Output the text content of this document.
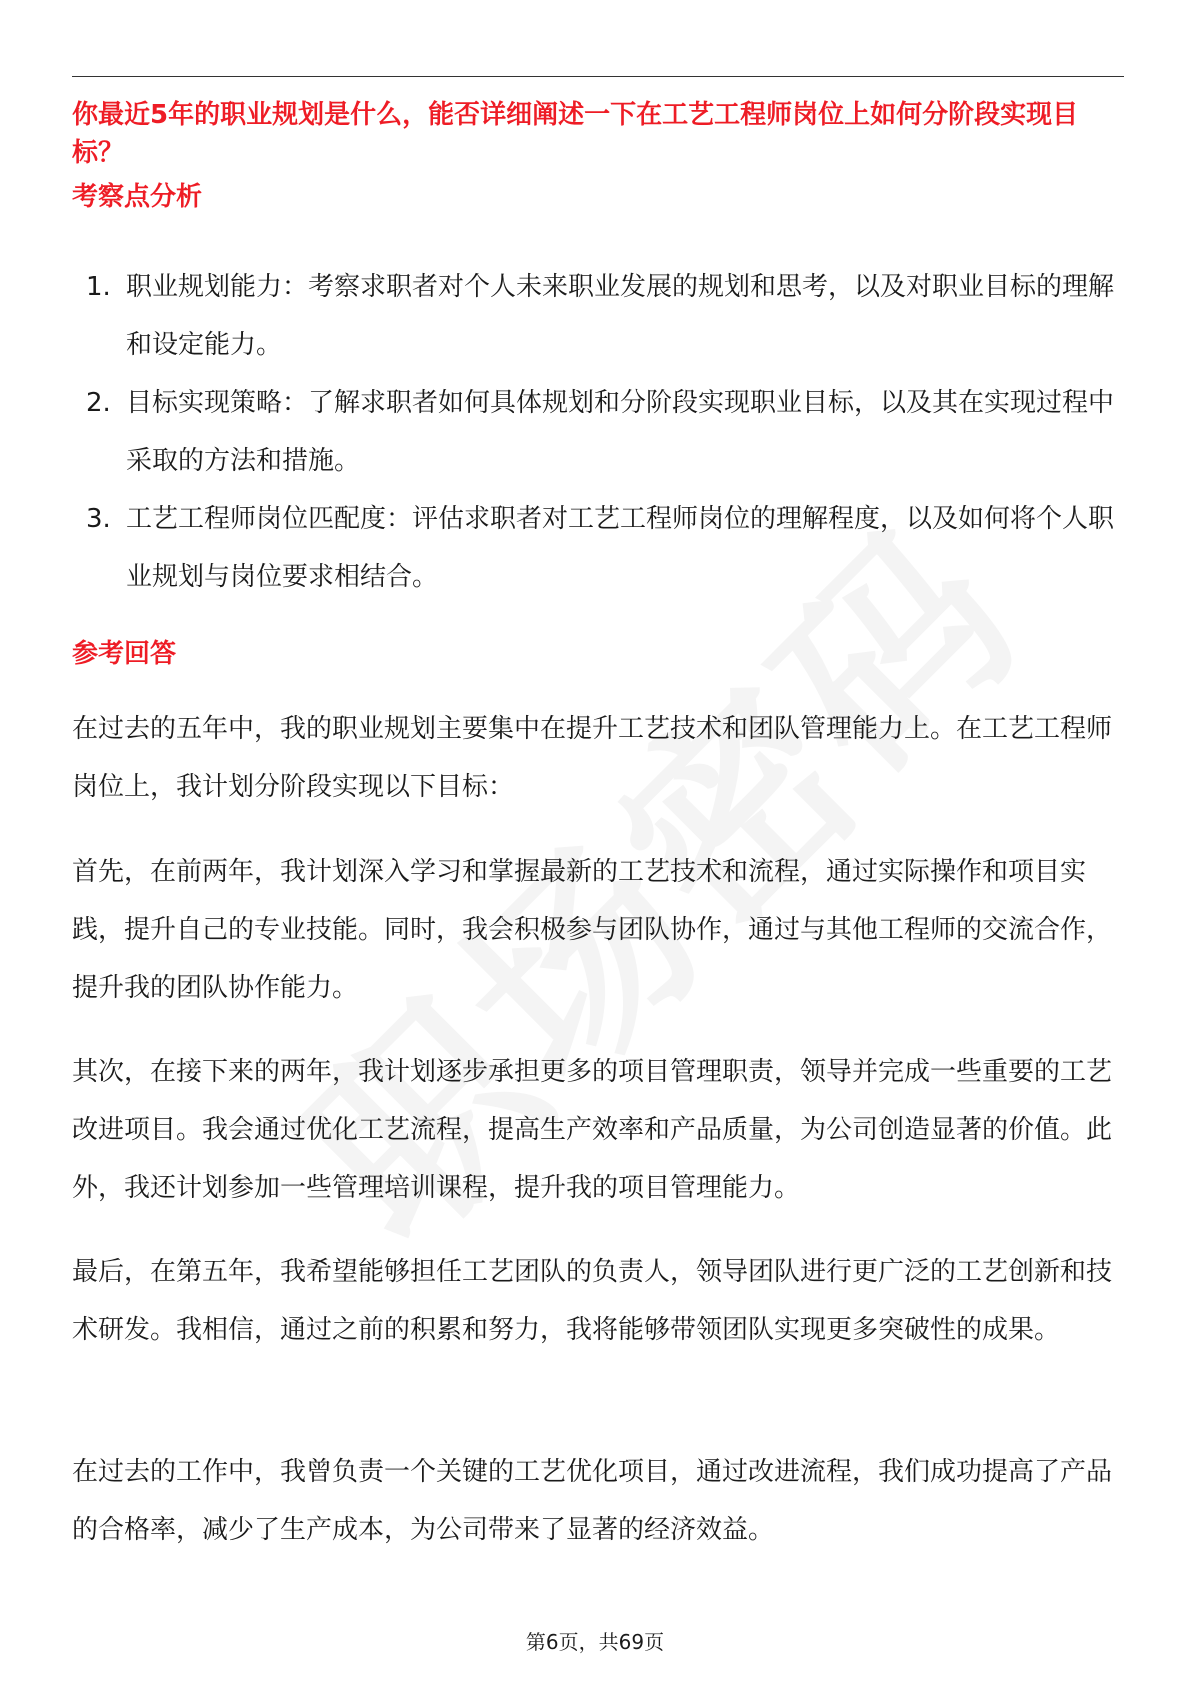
你最近5年的职业规划是什么，能否详细阐述一下在工艺工程师岗位上如何分阶段实现目标？
考察点分析
1. 职业规划能力：考察求职者对个人未来职业发展的规划和思考，以及对职业目标的理解和设定能力。
2. 目标实现策略：了解求职者如何具体规划和分阶段实现职业目标，以及其在实现过程中采取的方法和措施。
3. 工艺工程师岗位匹配度：评估求职者对工艺工程师岗位的理解程度，以及如何将个人职业规划与岗位要求相结合。
参考回答

在过去的五年中，我的职业规划主要集中在提升工艺技术和团队管理能力上。在工艺工程师岗位上，我计划分阶段实现以下目标：

首先，在前两年，我计划深入学习和掌握最新的工艺技术和流程，通过实际操作和项目实践，提升自己的专业技能。同时，我会积极参与团队协作，通过与其他工程师的交流合作，提升我的团队协作能力。

其次，在接下来的两年，我计划逐步承担更多的项目管理职责，领导并完成一些重要的工艺改进项目。我会通过优化工艺流程，提高生产效率和产品质量，为公司创造显著的价值。此外，我还计划参加一些管理培训课程，提升我的项目管理能力。

最后，在第五年，我希望能够担任工艺团队的负责人，领导团队进行更广泛的工艺创新和技术研发。我相信，通过之前的积累和努力，我将能够带领团队实现更多突破性的成果。

在过去的工作中，我曾负责一个关键的工艺优化项目，通过改进流程，我们成功提高了产品的合格率，减少了生产成本，为公司带来了显著的经济效益。

第6页，共69页
